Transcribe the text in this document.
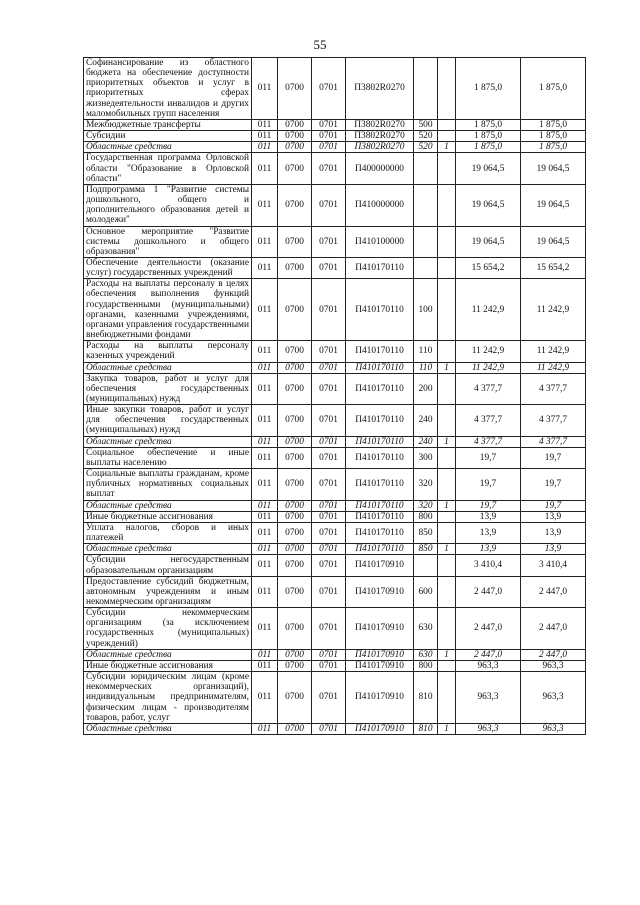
55
Софинансирование из областного бюджета на обеспечение доступности приоритетных объектов и услуг в приоритетных сферах жизнедеятельности инвалидов и других маломобильных групп населения	011	0700	0701	П3802R0270			1 875,0	1 875,0
Межбюджетные трансферты	011	0700	0701	П3802R0270	500		1 875,0	1 875,0
Субсидии	011	0700	0701	П3802R0270	520		1 875,0	1 875,0
Областные средства	011	0700	0701	П3802R0270	520	1	1 875,0	1 875,0
Государственная программа Орловской области "Образование в Орловской области"	011	0700	0701	П400000000			19 064,5	19 064,5
Подпрограмма 1 "Развитие системы дошкольного, общего и дополнительного образования детей и молодежи"	011	0700	0701	П410000000			19 064,5	19 064,5
Основное мероприятие "Развитие системы дошкольного и общего образования"	011	0700	0701	П410100000			19 064,5	19 064,5
Обеспечение деятельности (оказание услуг) государственных учреждений	011	0700	0701	П410170110			15 654,2	15 654,2
Расходы на выплаты персоналу в целях обеспечения выполнения функций государственными (муниципальными) органами, казенными учреждениями, органами управления государственными внебюджетными фондами	011	0700	0701	П410170110	100		11 242,9	11 242,9
Расходы на выплаты персоналу казенных учреждений	011	0700	0701	П410170110	110		11 242,9	11 242,9
Областные средства	011	0700	0701	П410170110	110	1	11 242,9	11 242,9
Закупка товаров, работ и услуг для обеспечения государственных (муниципальных) нужд	011	0700	0701	П410170110	200		4 377,7	4 377,7
Иные закупки товаров, работ и услуг для обеспечения государственных (муниципальных) нужд	011	0700	0701	П410170110	240		4 377,7	4 377,7
Областные средства	011	0700	0701	П410170110	240	1	4 377,7	4 377,7
Социальное обеспечение и иные выплаты населению	011	0700	0701	П410170110	300		19,7	19,7
Социальные выплаты гражданам, кроме публичных нормативных социальных выплат	011	0700	0701	П410170110	320		19,7	19,7
Областные средства	011	0700	0701	П410170110	320	1	19,7	19,7
Иные бюджетные ассигнования	011	0700	0701	П410170110	800		13,9	13,9
Уплата налогов, сборов и иных платежей	011	0700	0701	П410170110	850		13,9	13,9
Областные средства	011	0700	0701	П410170110	850	1	13,9	13,9
Субсидии негосударственным образовательным организациям	011	0700	0701	П410170910			3 410,4	3 410,4
Предоставление субсидий бюджетным, автономным учреждениям и иным некоммерческим организациям	011	0700	0701	П410170910	600		2 447,0	2 447,0
Субсидии некоммерческим организациям (за исключением государственных (муниципальных) учреждений)	011	0700	0701	П410170910	630		2 447,0	2 447,0
Областные средства	011	0700	0701	П410170910	630	1	2 447,0	2 447,0
Иные бюджетные ассигнования	011	0700	0701	П410170910	800		963,3	963,3
Субсидии юридическим лицам (кроме некоммерческих организаций), индивидуальным предпринимателям, физическим лицам - производителям товаров, работ, услуг	011	0700	0701	П410170910	810		963,3	963,3
Областные средства	011	0700	0701	П410170910	810	1	963,3	963,3
